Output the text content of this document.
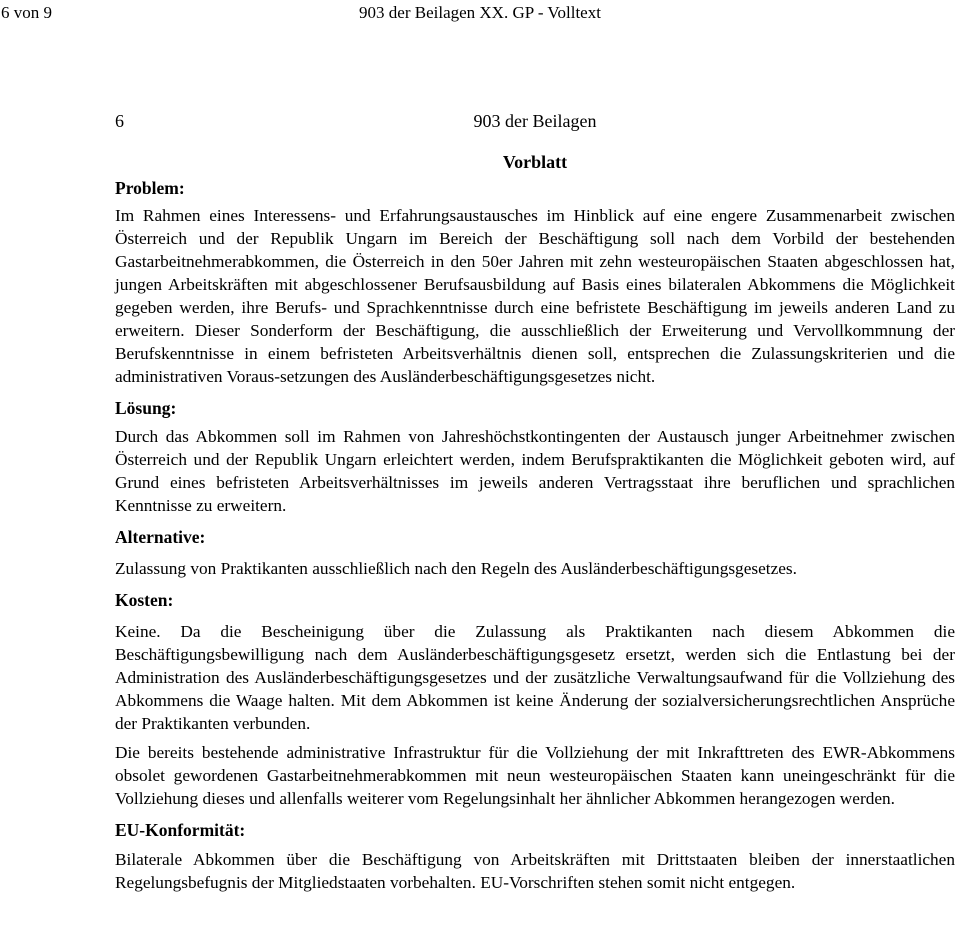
6 von 9	903 der Beilagen XX. GP - Volltext
6	903 der Beilagen
Vorblatt
Problem:

Im Rahmen eines Interessens- und Erfahrungsaustausches im Hinblick auf eine engere Zusammenarbeit zwischen Österreich und der Republik Ungarn im Bereich der Beschäftigung soll nach dem Vorbild der bestehenden Gastarbeitnehmerabkommen, die Österreich in den 50er Jahren mit zehn westeuropäischen Staaten abgeschlossen hat, jungen Arbeitskräften mit abgeschlossener Berufsausbildung auf Basis eines bilateralen Abkommens die Möglichkeit gegeben werden, ihre Berufs- und Sprachkenntnisse durch eine befristete Beschäftigung im jeweils anderen Land zu erweitern. Dieser Sonderform der Beschäftigung, die ausschließlich der Erweiterung und Vervollkommnung der Berufskenntnisse in einem befristeten Arbeitsverhältnis dienen soll, entsprechen die Zulassungskriterien und die administrativen Voraus-setzungen des Ausländerbeschäftigungsgesetzes nicht.

Lösung:

Durch das Abkommen soll im Rahmen von Jahreshöchstkontingenten der Austausch junger Arbeitnehmer zwischen Österreich und der Republik Ungarn erleichtert werden, indem Berufspraktikanten die Möglichkeit geboten wird, auf Grund eines befristeten Arbeitsverhältnisses im jeweils anderen Vertragsstaat ihre beruflichen und sprachlichen Kenntnisse zu erweitern.

Alternative:

Zulassung von Praktikanten ausschließlich nach den Regeln des Ausländerbeschäftigungsgesetzes.

Kosten:

Keine. Da die Bescheinigung über die Zulassung als Praktikanten nach diesem Abkommen die Beschäftigungsbewilligung nach dem Ausländerbeschäftigungsgesetz ersetzt, werden sich die Entlastung bei der Administration des Ausländerbeschäftigungsgesetzes und der zusätzliche Verwaltungsaufwand für die Vollziehung des Abkommens die Waage halten. Mit dem Abkommen ist keine Änderung der sozialversicherungsrechtlichen Ansprüche der Praktikanten verbunden.

Die bereits bestehende administrative Infrastruktur für die Vollziehung der mit Inkrafttreten des EWR-Abkommens obsolet gewordenen Gastarbeitnehmerabkommen mit neun westeuropäischen Staaten kann uneingeschränkt für die Vollziehung dieses und allenfalls weiterer vom Regelungsinhalt her ähnlicher Abkommen herangezogen werden.

EU-Konformität:

Bilaterale Abkommen über die Beschäftigung von Arbeitskräften mit Drittstaaten bleiben der innerstaatlichen Regelungsbefugnis der Mitgliedstaaten vorbehalten. EU-Vorschriften stehen somit nicht entgegen.
